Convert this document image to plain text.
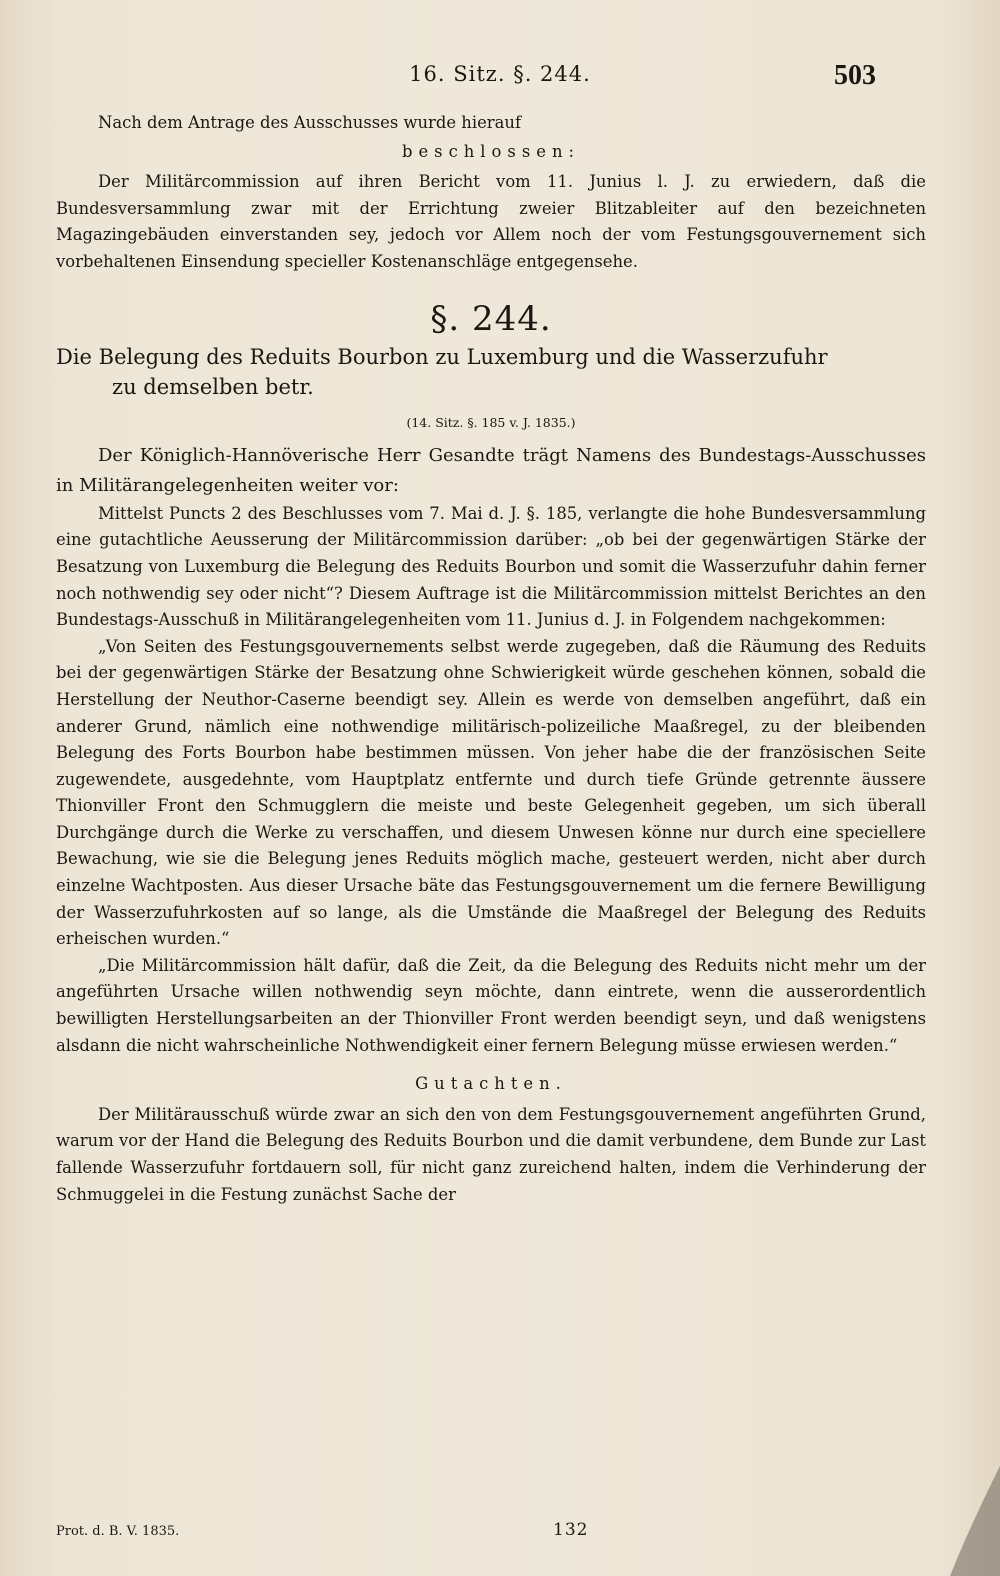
16. Sitz. §. 244.	503

Nach dem Antrage des Ausschusses wurde hierauf

beschlossen:

Der Militärcommission auf ihren Bericht vom 11. Junius l. J. zu erwiedern, daß die Bundesversammlung zwar mit der Errichtung zweier Blitzableiter auf den bezeichneten Magazingebäuden einverstanden sey, jedoch vor Allem noch der vom Festungsgouvernement sich vorbehaltenen Einsendung specieller Kostenanschläge entgegensehe.

§. 244.
Die Belegung des Reduits Bourbon zu Luxemburg und die Wasserzufuhr
zu demselben betr.

(14. Sitz. §. 185 v. J. 1835.)

Der Königlich-Hannöverische Herr Gesandte trägt Namens des Bundestags-Ausschusses in Militärangelegenheiten weiter vor:

Mittelst Puncts 2 des Beschlusses vom 7. Mai d. J. §. 185, verlangte die hohe Bundesversammlung eine gutachtliche Aeusserung der Militärcommission darüber: „ob bei der gegenwärtigen Stärke der Besatzung von Luxemburg die Belegung des Reduits Bourbon und somit die Wasserzufuhr dahin ferner noch nothwendig sey oder nicht“? Diesem Auftrage ist die Militärcommission mittelst Berichtes an den Bundestags-Ausschuß in Militärangelegenheiten vom 11. Junius d. J. in Folgendem nachgekommen:

„Von Seiten des Festungsgouvernements selbst werde zugegeben, daß die Räumung des Reduits bei der gegenwärtigen Stärke der Besatzung ohne Schwierigkeit würde geschehen können, sobald die Herstellung der Neuthor-Caserne beendigt sey. Allein es werde von demselben angeführt, daß ein anderer Grund, nämlich eine nothwendige militärisch-polizeiliche Maaßregel, zu der bleibenden Belegung des Forts Bourbon habe bestimmen müssen. Von jeher habe die der französischen Seite zugewendete, ausgedehnte, vom Hauptplatz entfernte und durch tiefe Gründe getrennte äussere Thionviller Front den Schmugglern die meiste und beste Gelegenheit gegeben, um sich überall Durchgänge durch die Werke zu verschaffen, und diesem Unwesen könne nur durch eine speciellere Bewachung, wie sie die Belegung jenes Reduits möglich mache, gesteuert werden, nicht aber durch einzelne Wachtposten. Aus dieser Ursache bäte das Festungsgouvernement um die fernere Bewilligung der Wasserzufuhrkosten auf so lange, als die Umstände die Maaßregel der Belegung des Reduits erheischen wurden.“

„Die Militärcommission hält dafür, daß die Zeit, da die Belegung des Reduits nicht mehr um der angeführten Ursache willen nothwendig seyn möchte, dann eintrete, wenn die ausserordentlich bewilligten Herstellungsarbeiten an der Thionviller Front werden beendigt seyn, und daß wenigstens alsdann die nicht wahrscheinliche Nothwendigkeit einer fernern Belegung müsse erwiesen werden.“

Gutachten.

Der Militärausschuß würde zwar an sich den von dem Festungsgouvernement angeführten Grund, warum vor der Hand die Belegung des Reduits Bourbon und die damit verbundene, dem Bunde zur Last fallende Wasserzufuhr fortdauern soll, für nicht ganz zureichend halten, indem die Verhinderung der Schmuggelei in die Festung zunächst Sache der

Prot. d. B. V. 1835.	132
